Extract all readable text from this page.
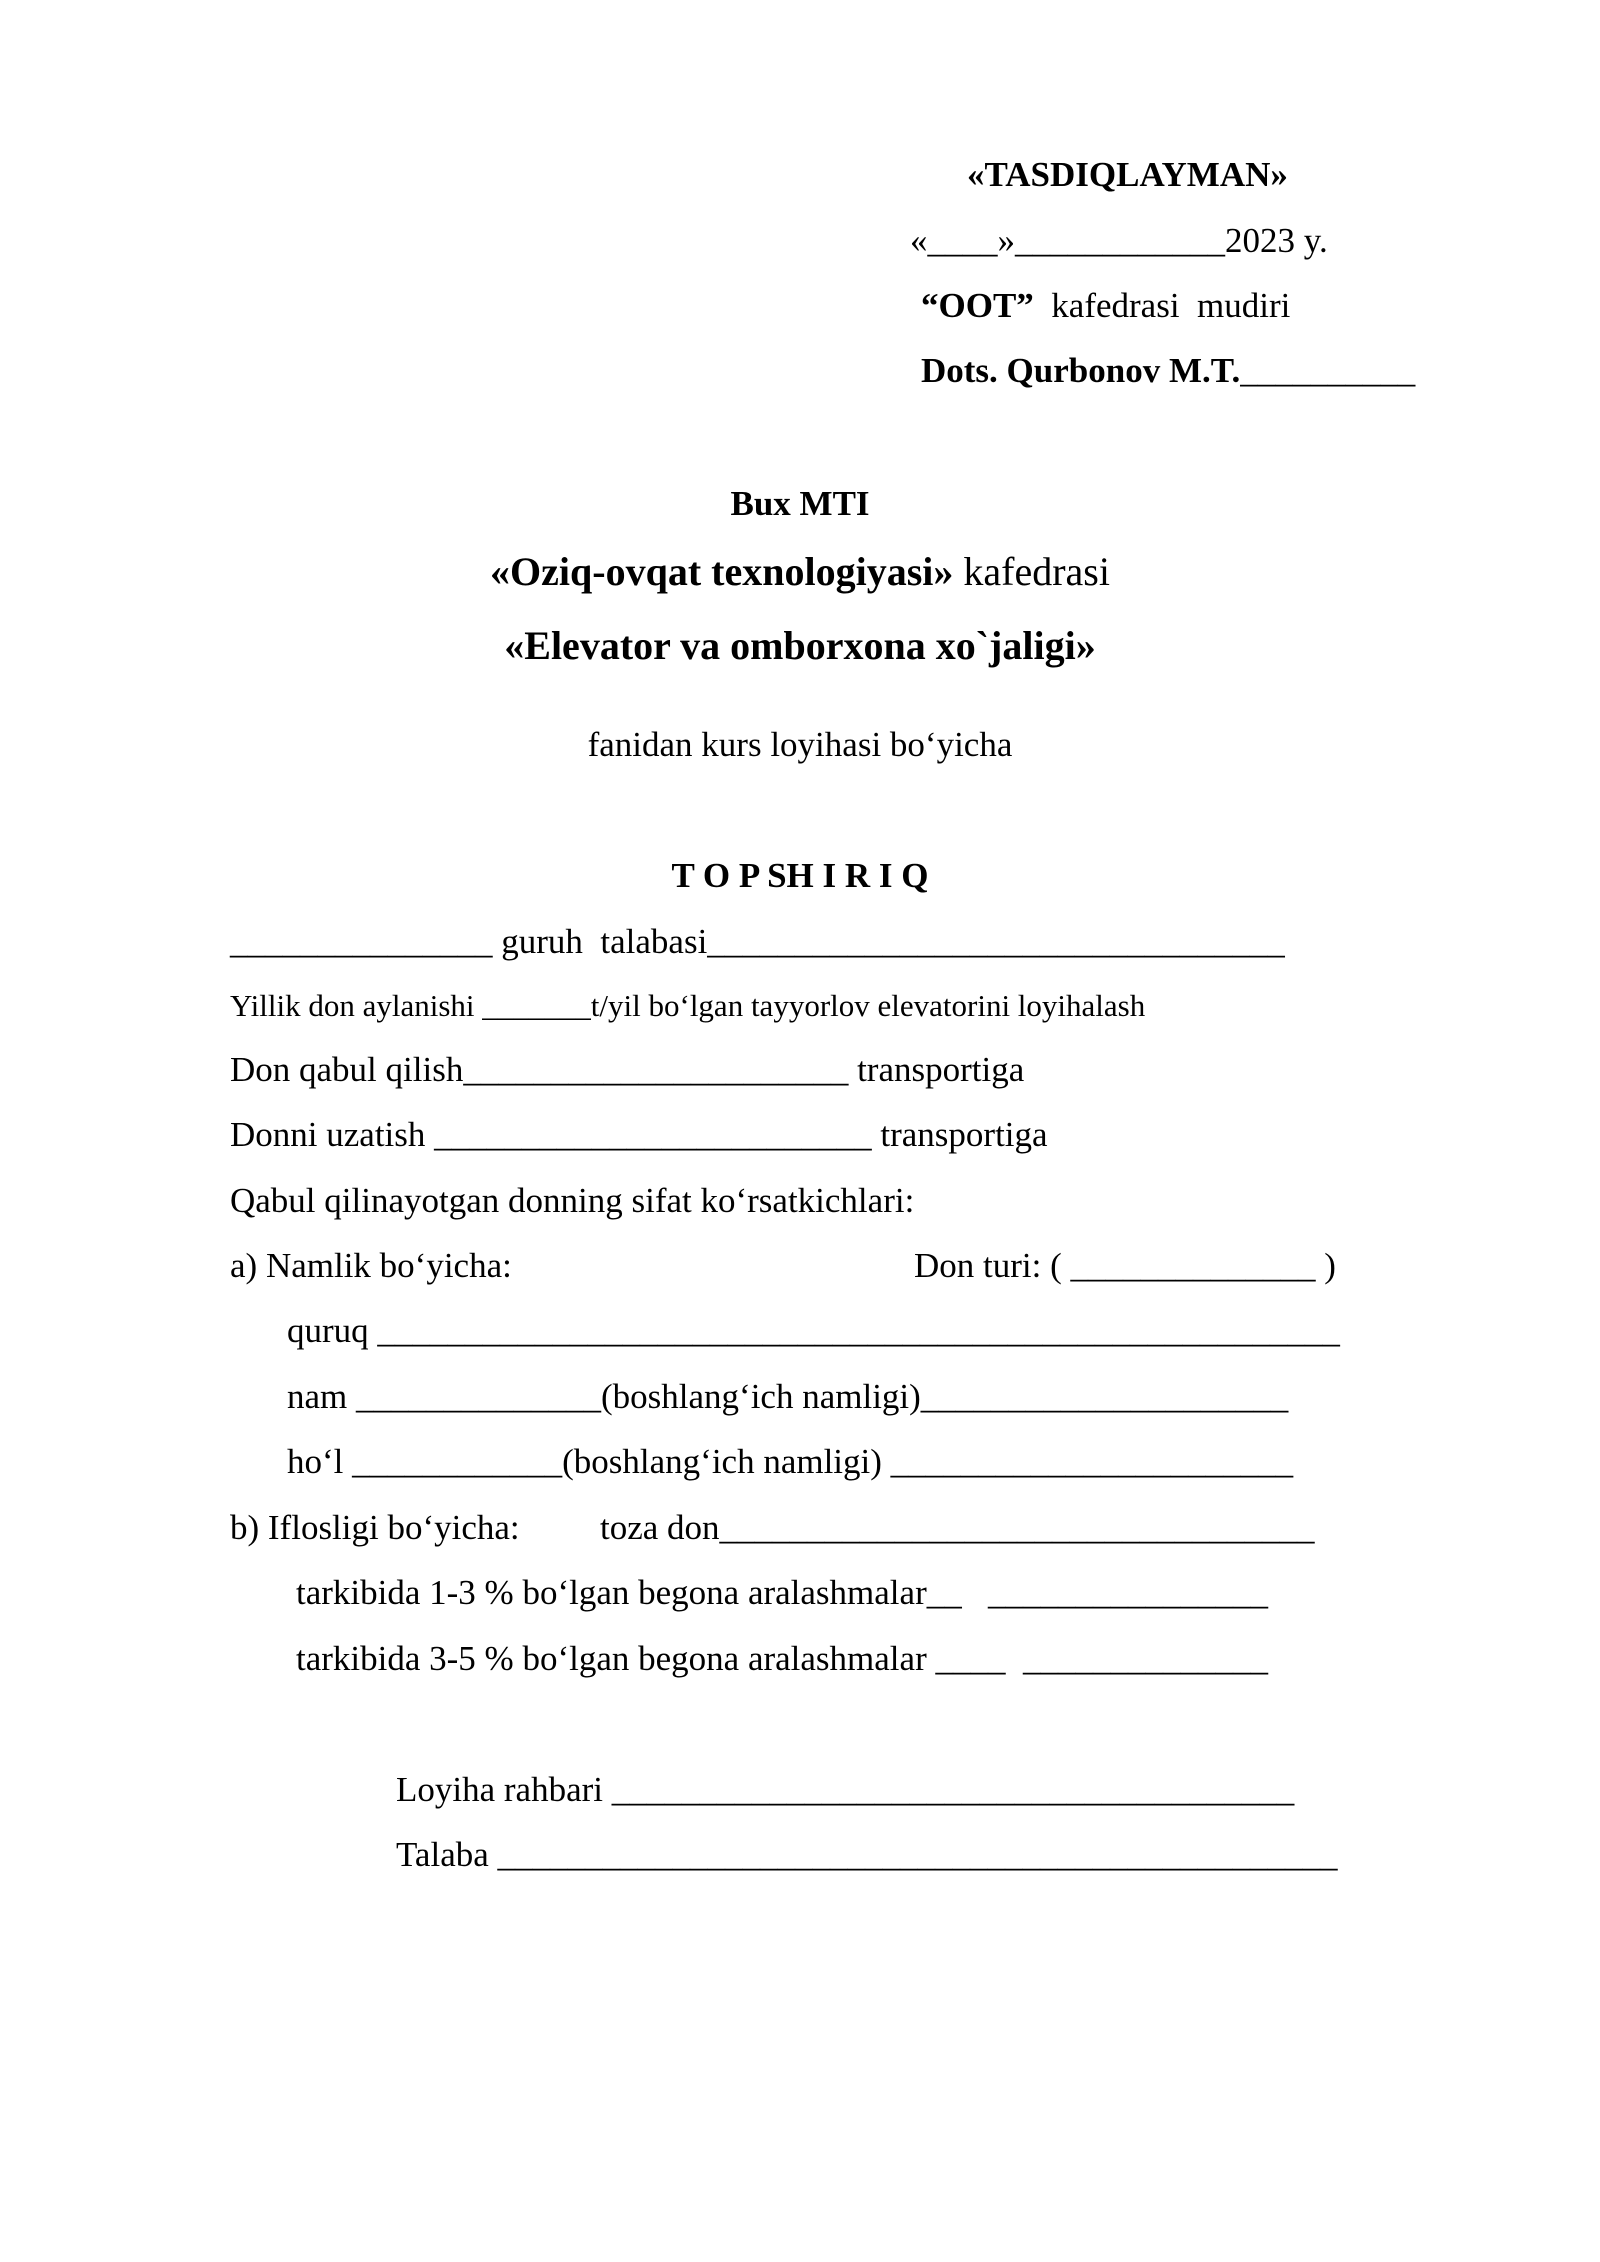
«TASDIQLAYMAN»
«____»____________2023 y.
“OOT”  kafedrasi  mudiri
Dots. Qurbonov M.T.__________
Bux MTI
«Oziq-ovqat texnologiyasi» kafedrasi
«Elevator va omborxona xo`jaligi»
fanidan kurs loyihasi bo‘yicha
T O P SH I R I Q
_______________ guruh  talabasi_________________________________
Yillik don aylanishi _______t/yil bo‘lgan tayyorlov elevatorini loyihalash
Don qabul qilish______________________ transportiga
Donni uzatish _________________________ transportiga
Qabul qilinayotgan donning sifat ko‘rsatkichlari:
a) Namlik bo‘yicha:	Don turi: ( ______________ )
quruq _______________________________________________________
nam ______________(boshlang‘ich namligi)_____________________
ho‘l ____________(boshlang‘ich namligi) _______________________
b) Iflosligi bo‘yicha: toza don__________________________________
tarkibida 1-3 % bo‘lgan begona aralashmalar__   ________________
tarkibida 3-5 % bo‘lgan begona aralashmalar ____  ______________
Loyiha rahbari _______________________________________
Talaba ________________________________________________
